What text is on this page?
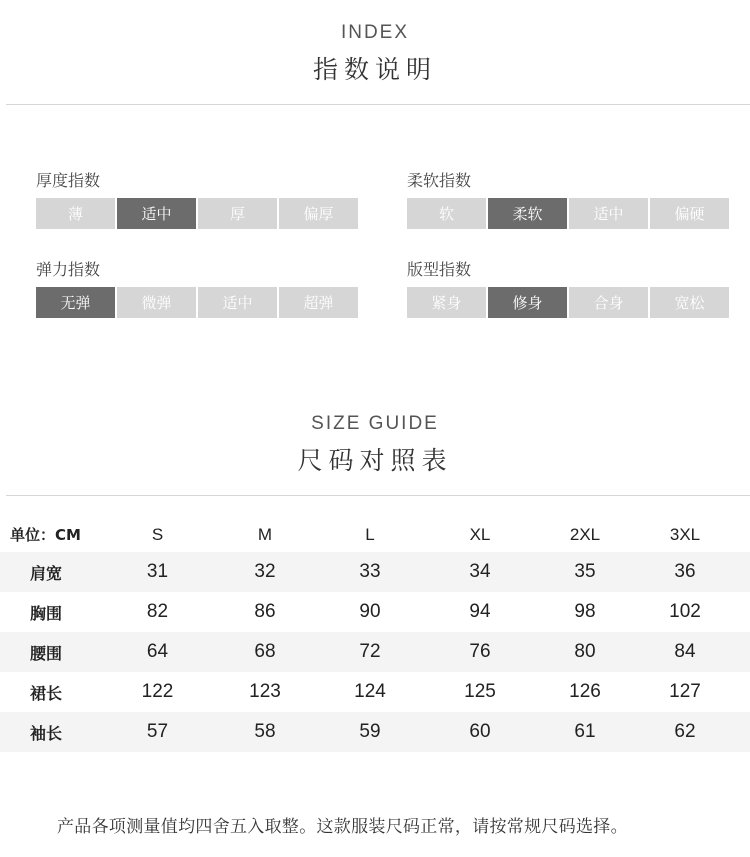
INDEX
指数说明
厚度指数
薄	适中	厚	偏厚
柔软指数
软	柔软	适中	偏硬
弹力指数
无弹	微弹	适中	超弹
版型指数
紧身	修身	合身	宽松
SIZE GUIDE
尺码对照表
单位：CM	S	M	L	XL	2XL	3XL
肩宽	31	32	33	34	35	36
胸围	82	86	90	94	98	102
腰围	64	68	72	76	80	84
裙长	122	123	124	125	126	127
袖长	57	58	59	60	61	62
产品各项测量值均四舍五入取整。这款服装尺码正常，请按常规尺码选择。
